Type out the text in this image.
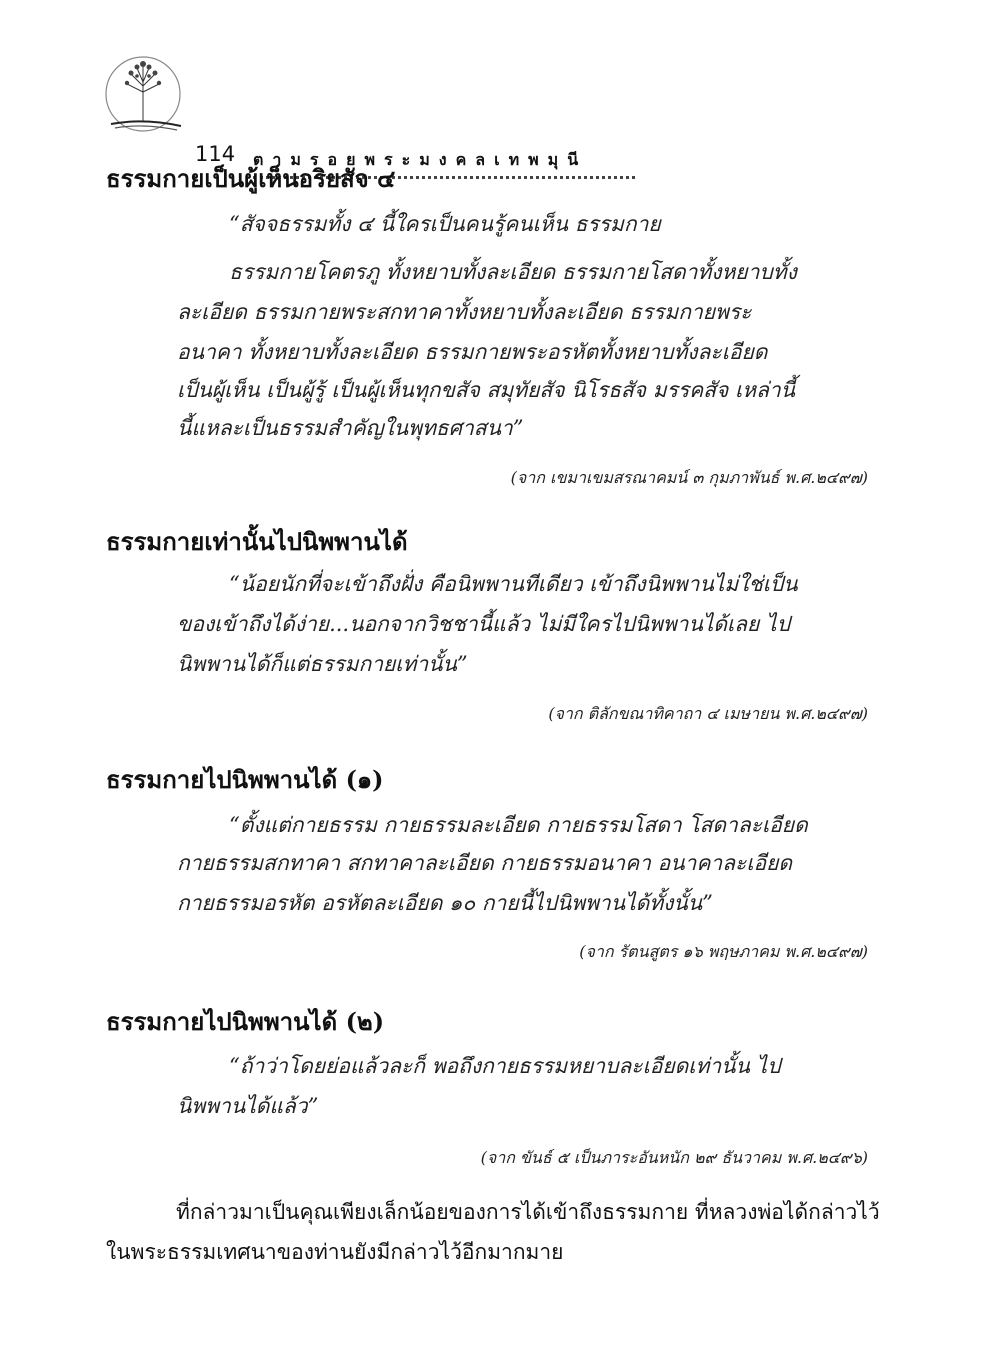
114 ตามรอยพระมงคลเทพมุนี
ธรรมกายเป็นผู้เห็นอริยสัจ ๔
“สัจจธรรมทั้ง ๔ นี้ใครเป็นคนรู้คนเห็น ธรรมกาย
ธรรมกายโคตรภู ทั้งหยาบทั้งละเอียด ธรรมกายโสดาทั้งหยาบทั้ง
ละเอียด ธรรมกายพระสกทาคาทั้งหยาบทั้งละเอียด ธรรมกายพระ
อนาคา ทั้งหยาบทั้งละเอียด ธรรมกายพระอรหัตทั้งหยาบทั้งละเอียด
เป็นผู้เห็น เป็นผู้รู้ เป็นผู้เห็นทุกขสัจ สมุทัยสัจ นิโรธสัจ มรรคสัจ เหล่านี้
นี้แหละเป็นธรรมสำคัญในพุทธศาสนา”
(จาก เขมาเขมสรณาคมน์ ๓ กุมภาพันธ์ พ.ศ.๒๔๙๗)
ธรรมกายเท่านั้นไปนิพพานได้
“น้อยนักที่จะเข้าถึงฝั่ง คือนิพพานทีเดียว เข้าถึงนิพพานไม่ใช่เป็น
ของเข้าถึงได้ง่าย...นอกจากวิชชานี้แล้ว ไม่มีใครไปนิพพานได้เลย ไป
นิพพานได้ก็แต่ธรรมกายเท่านั้น”
(จาก ติลักขณาทิคาถา ๔ เมษายน พ.ศ.๒๔๙๗)
ธรรมกายไปนิพพานได้ (๑)
“ตั้งแต่กายธรรม กายธรรมละเอียด กายธรรมโสดา โสดาละเอียด
กายธรรมสกทาคา สกทาคาละเอียด กายธรรมอนาคา อนาคาละเอียด
กายธรรมอรหัต อรหัตละเอียด ๑๐ กายนี้ไปนิพพานได้ทั้งนั้น”
(จาก รัตนสูตร ๑๖ พฤษภาคม พ.ศ.๒๔๙๗)
ธรรมกายไปนิพพานได้ (๒)
“ถ้าว่าโดยย่อแล้วละก็ พอถึงกายธรรมหยาบละเอียดเท่านั้น ไป
นิพพานได้แล้ว”
(จาก ขันธ์ ๕ เป็นภาระอันหนัก ๒๙ ธันวาคม พ.ศ.๒๔๙๖)
ที่กล่าวมาเป็นคุณเพียงเล็กน้อยของการได้เข้าถึงธรรมกาย ที่หลวงพ่อได้กล่าวไว้
ในพระธรรมเทศนาของท่านยังมีกล่าวไว้อีกมากมาย
